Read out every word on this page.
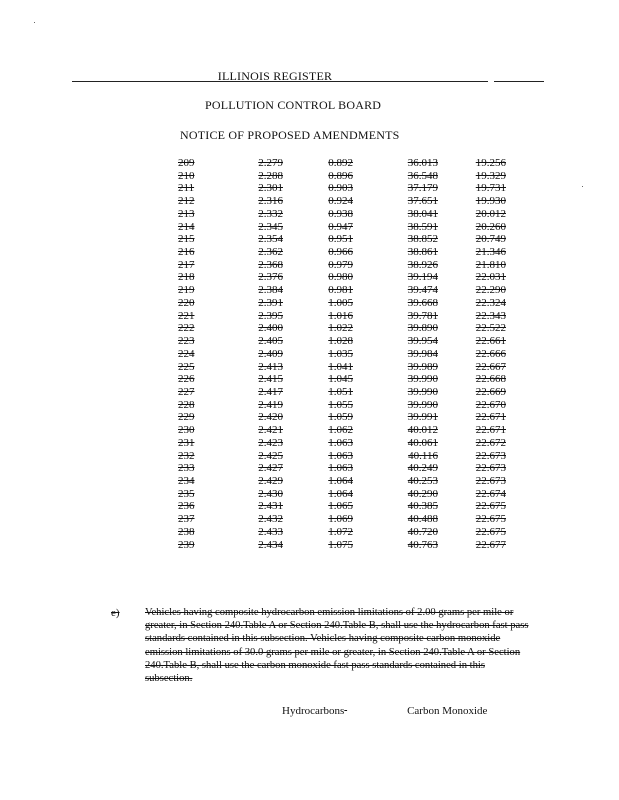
ILLINOIS REGISTER
POLLUTION CONTROL BOARD
NOTICE OF PROPOSED AMENDMENTS
209	2.279	0.892	36.013	19.256
210	2.288	0.896	36.548	19.329
211	2.301	0.903	37.179	19.731
212	2.316	0.924	37.651	19.930
213	2.332	0.938	38.041	20.012
214	2.345	0.947	38.591	20.260
215	2.354	0.951	38.852	20.749
216	2.362	0.966	38.861	21.346
217	2.368	0.979	38.926	21.810
218	2.376	0.980	39.194	22.031
219	2.384	0.981	39.474	22.290
220	2.391	1.005	39.668	22.324
221	2.395	1.016	39.781	22.343
222	2.400	1.022	39.890	22.522
223	2.405	1.028	39.954	22.661
224	2.409	1.035	39.984	22.666
225	2.413	1.041	39.989	22.667
226	2.415	1.045	39.990	22.668
227	2.417	1.051	39.990	22.669
228	2.419	1.055	39.990	22.670
229	2.420	1.059	39.991	22.671
230	2.421	1.062	40.012	22.671
231	2.423	1.063	40.061	22.672
232	2.425	1.063	40.116	22.673
233	2.427	1.063	40.249	22.673
234	2.429	1.064	40.253	22.673
235	2.430	1.064	40.290	22.674
236	2.431	1.065	40.385	22.675
237	2.432	1.069	40.488	22.675
238	2.433	1.072	40.720	22.675
239	2.434	1.075	40.763	22.677
e) Vehicles having composite hydrocarbon emission limitations of 2.00 grams per mile or greater, in Section 240.Table A or Section 240.Table B, shall use the hydrocarbon fast pass standards contained in this subsection. Vehicles having composite carbon monoxide emission limitations of 30.0 grams per mile or greater, in Section 240.Table A or Section 240.Table B, shall use the carbon monoxide fast pass standards contained in this subsection.
Hydrocarbons	Carbon Monoxide
